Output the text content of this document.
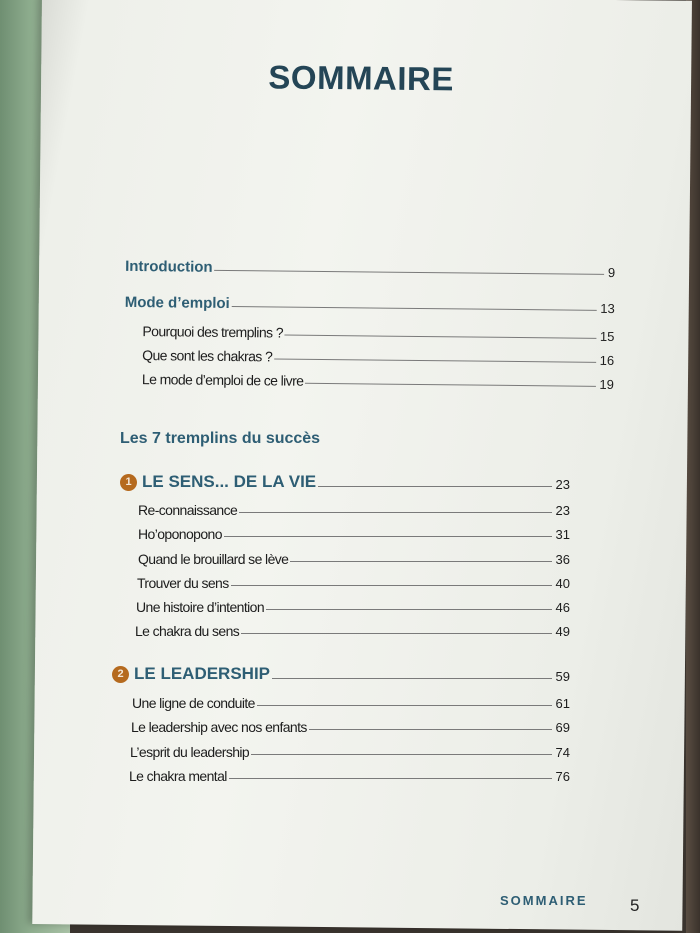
SOMMAIRE
Introduction	9
Mode d’emploi	13
Pourquoi des tremplins ?	15
Que sont les chakras ?	16
Le mode d’emploi de ce livre	19
Les 7 tremplins du succès
1 LE SENS... DE LA VIE	23
Re-connaissance	23
Ho’oponopono	31
Quand le brouillard se lève	36
Trouver du sens	40
Une histoire d’intention	46
Le chakra du sens	49
2 LE LEADERSHIP	59
Une ligne de conduite	61
Le leadership avec nos enfants	69
L’esprit du leadership	74
Le chakra mental	76
SOMMAIRE	5
